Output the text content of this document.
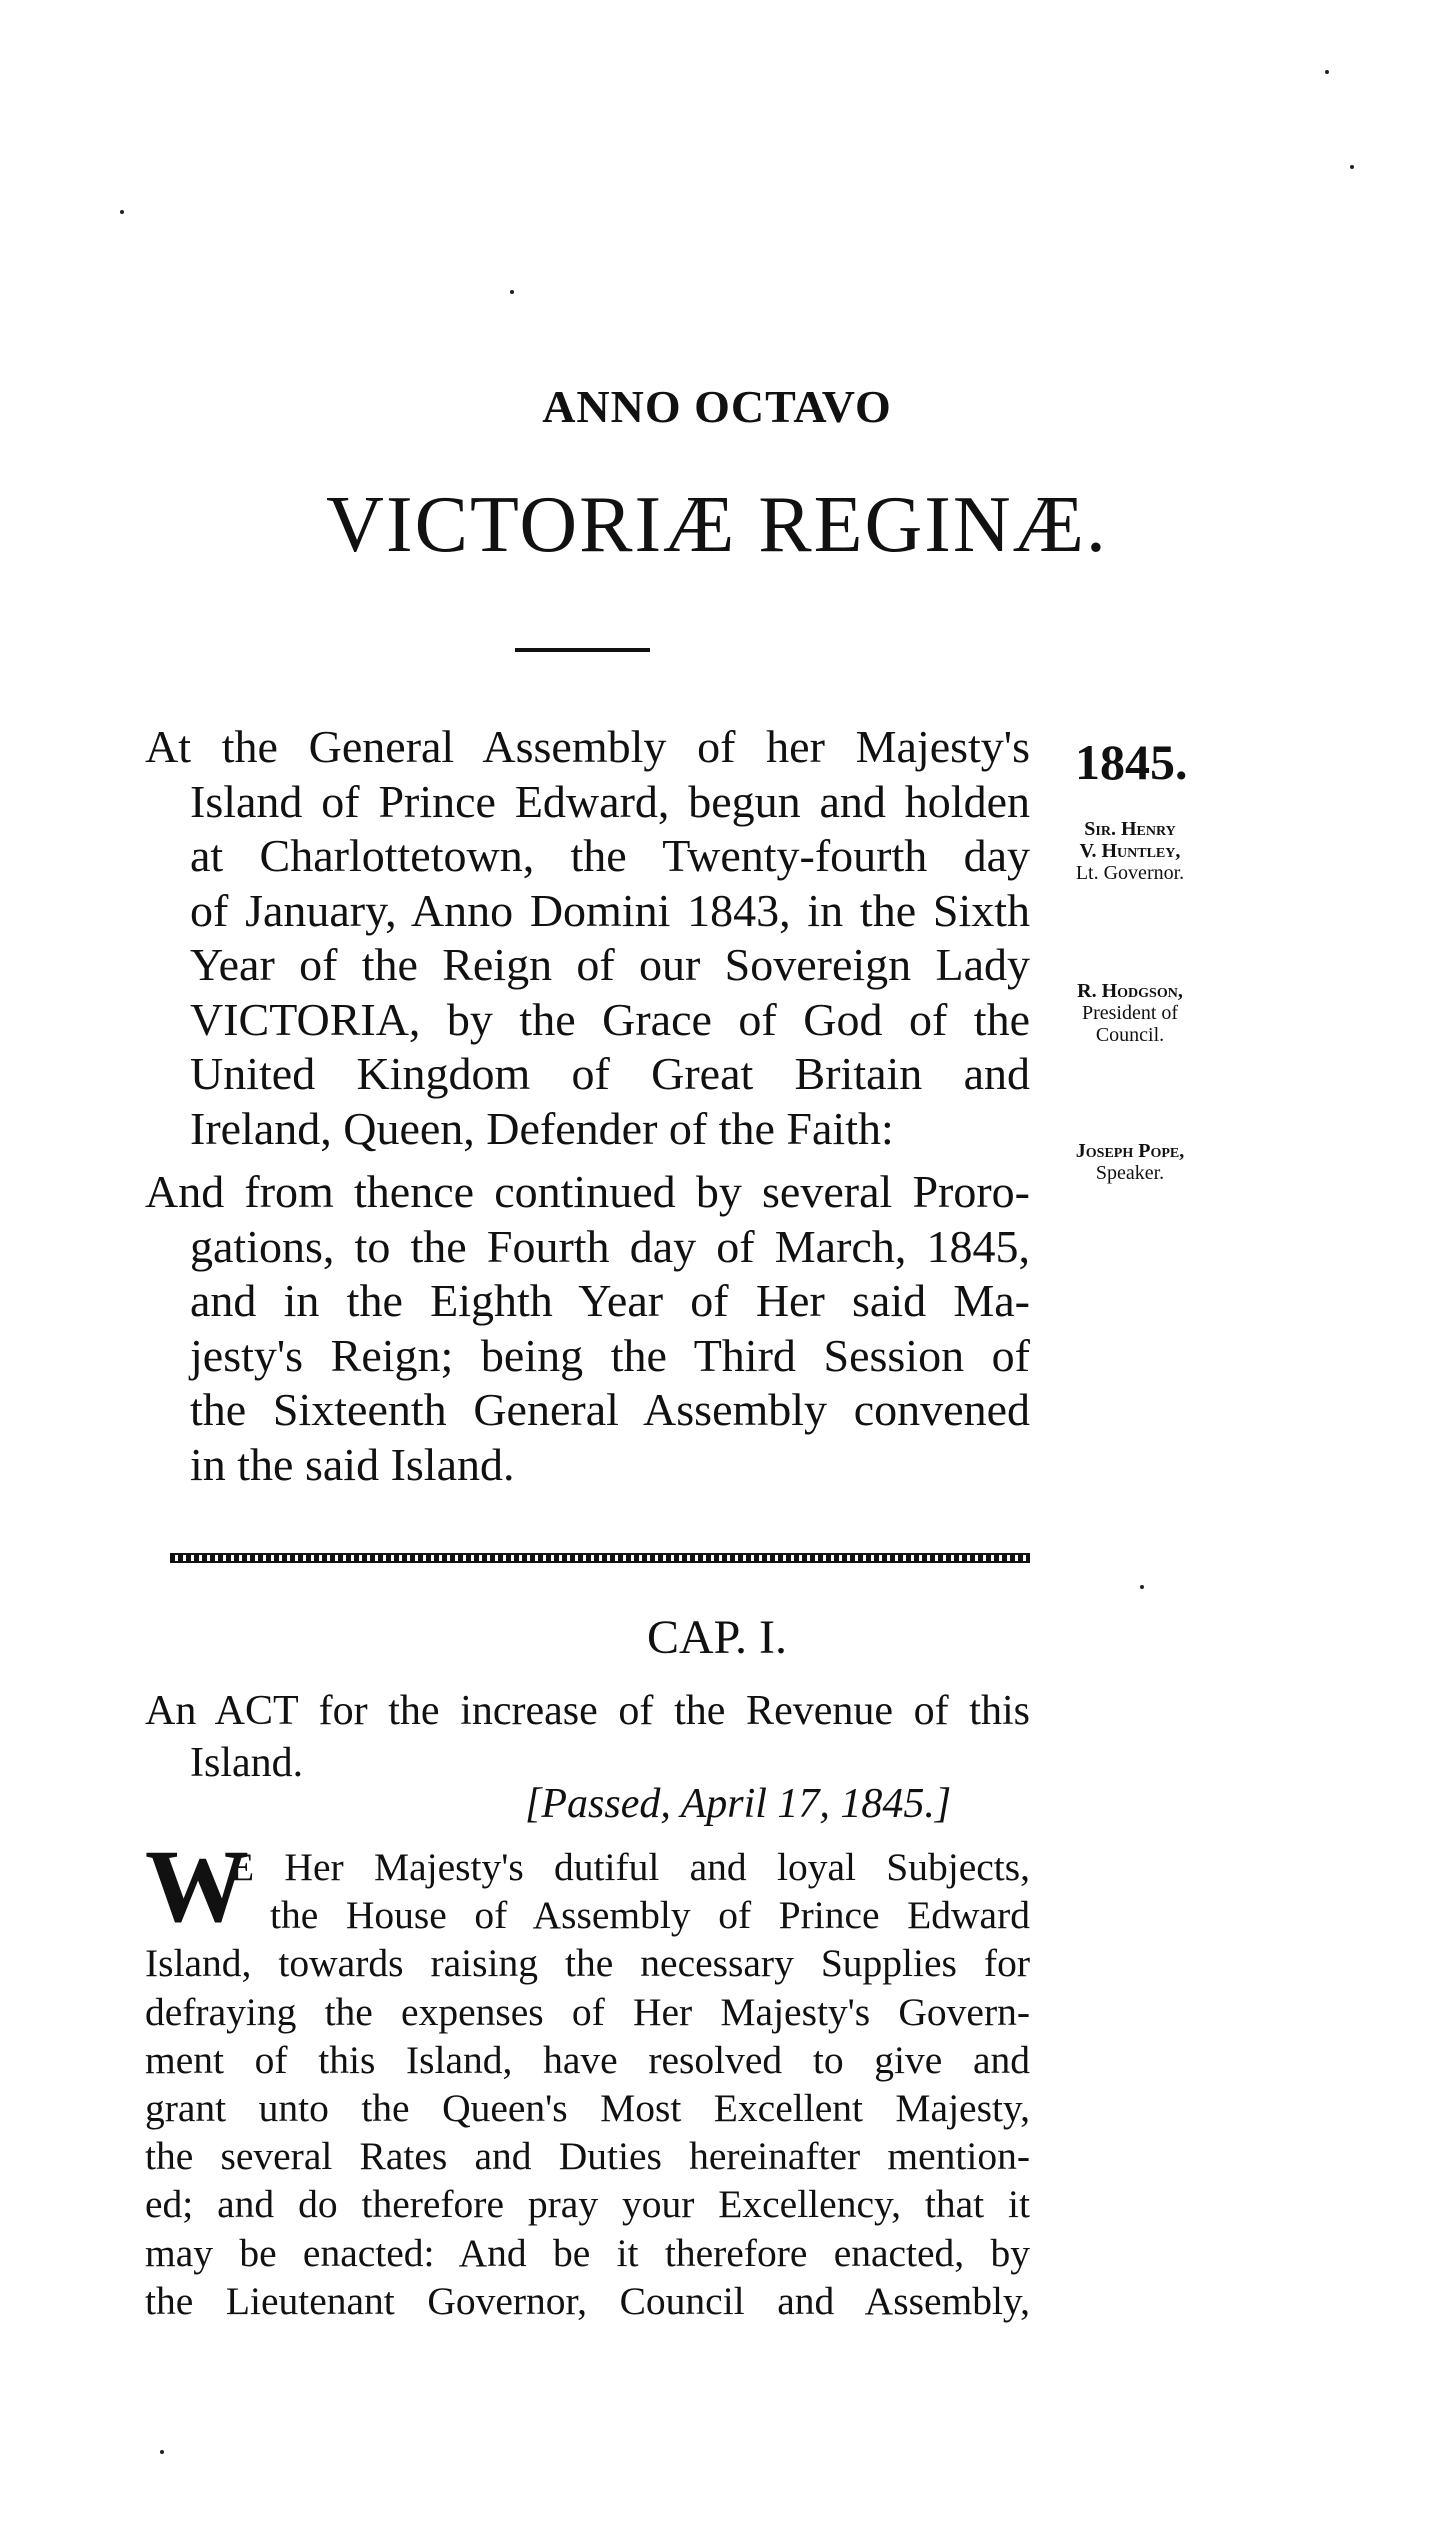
ANNO OCTAVO
VICTORIÆ REGINÆ.
At the General Assembly of her Majesty's
Island of Prince Edward, begun and holden
at Charlottetown, the Twenty-fourth day
of January, Anno Domini 1843, in the Sixth
Year of the Reign of our Sovereign Lady
VICTORIA, by the Grace of God of the
United Kingdom of Great Britain and
Ireland, Queen, Defender of the Faith:
And from thence continued by several Proro-
gations, to the Fourth day of March, 1845,
and in the Eighth Year of Her said Ma-
jesty's Reign; being the Third Session of
the Sixteenth General Assembly convened
in the said Island.
1845.
Sir. Henry
V. Huntley,
Lt. Governor.
R. Hodgson,
President of
Council.
Joseph Pope,
Speaker.
CAP. I.
An ACT for the increase of the Revenue of this
Island.
[Passed, April 17, 1845.]
W
E Her Majesty's dutiful and loyal Subjects,
the House of Assembly of Prince Edward
Island, towards raising the necessary Supplies for
defraying the expenses of Her Majesty's Govern-
ment of this Island, have resolved to give and
grant unto the Queen's Most Excellent Majesty,
the several Rates and Duties hereinafter mention-
ed; and do therefore pray your Excellency, that it
may be enacted: And be it therefore enacted, by
the Lieutenant Governor, Council and Assembly,
